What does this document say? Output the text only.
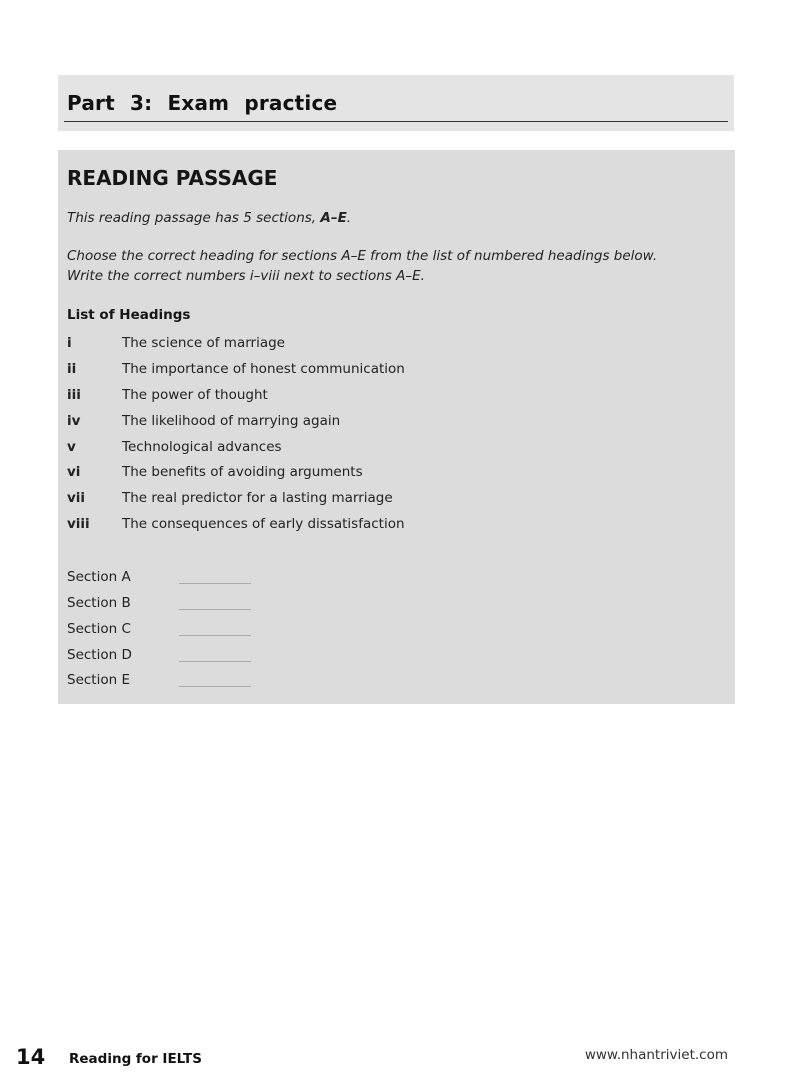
Part 3: Exam practice
READING PASSAGE
This reading passage has 5 sections, A–E.
Choose the correct heading for sections A–E from the list of numbered headings below.
Write the correct numbers i–viii next to sections A–E.
List of Headings
i	The science of marriage
ii	The importance of honest communication
iii	The power of thought
iv	The likelihood of marrying again
v	Technological advances
vi	The benefits of avoiding arguments
vii	The real predictor for a lasting marriage
viii The consequences of early dissatisfaction
Section A
Section B
Section C
Section D
Section E
14 Reading for IELTS	www.nhantriviet.com
